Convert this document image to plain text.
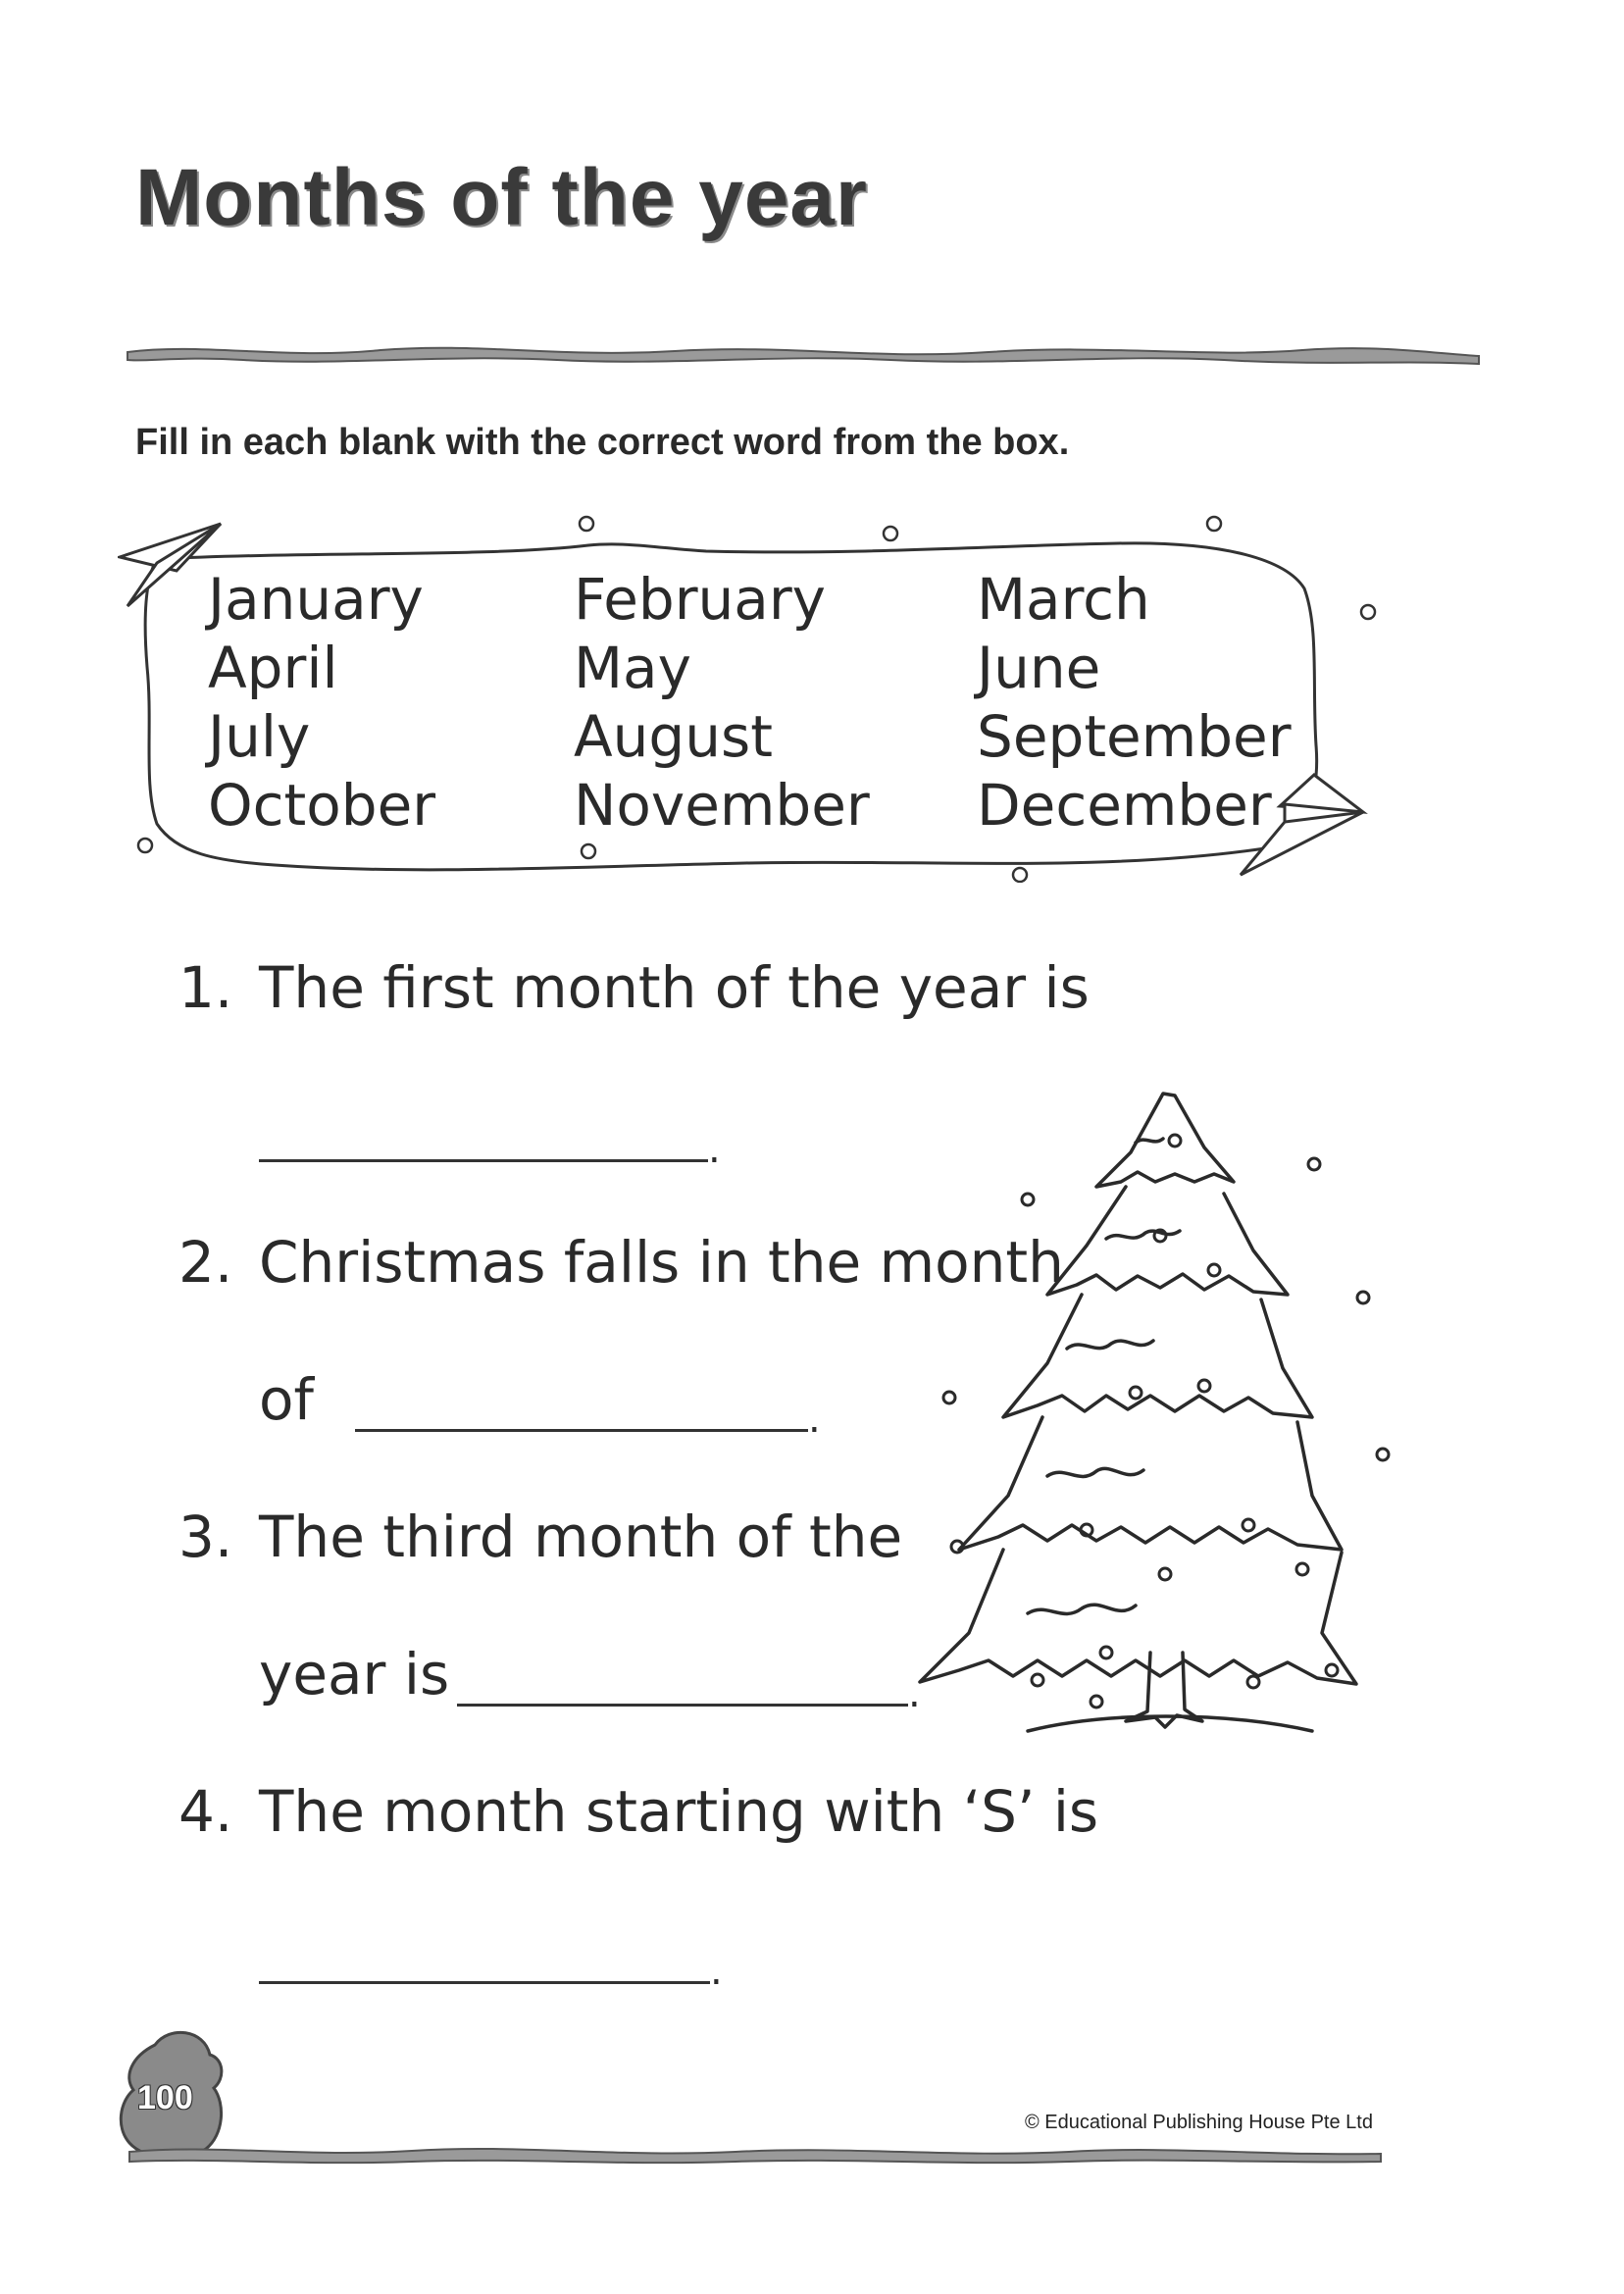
Months of the year

Fill in each blank with the correct word from the box.

January
April
July
October
February
May
August
November
March
June
September
December
1. The first month of the year is
.
2. Christmas falls in the month
of	.
3. The third month of the
year is	.
4. The month starting with ‘S’ is
.
100
© Educational Publishing House Pte Ltd
